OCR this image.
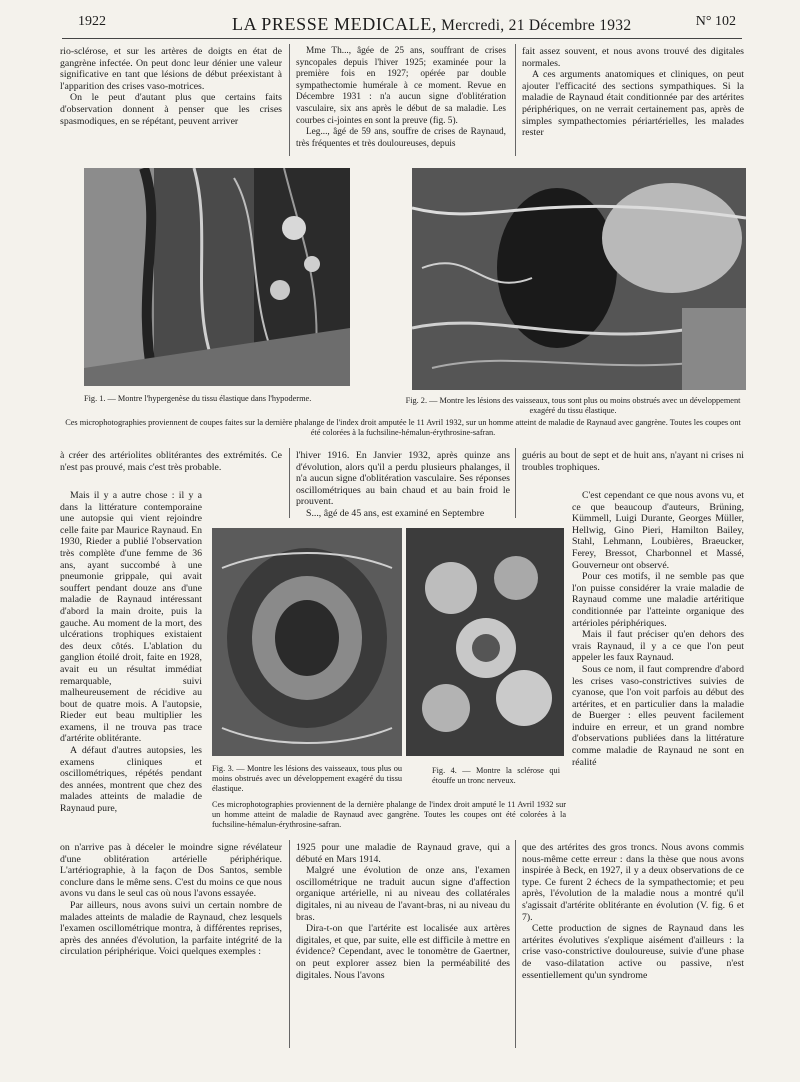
1922	LA PRESSE MEDICALE, Mercredi, 21 Décembre 1932	N° 102

rio-sclérose, et sur les artères de doigts en état de gangrène infectée. On peut donc leur dénier une valeur significative en tant que lésions de début préexistant à l'apparition des crises vaso-motrices.

On le peut d'autant plus que certains faits d'observation donnent à penser que les crises spasmodiques, en se répétant, peuvent arriver

Mme Th..., âgée de 25 ans, souffrant de crises syncopales depuis l'hiver 1925; examinée pour la première fois en 1927; opérée par double sympathectomie humérale à ce moment. Revue en Décembre 1931 : n'a aucun signe d'oblitération vasculaire, six ans après le début de sa maladie. Les courbes ci-jointes en sont la preuve (fig. 5).

Leg..., âgé de 59 ans, souffre de crises de Raynaud, très fréquentes et très douloureuses, depuis

fait assez souvent, et nous avons trouvé des digitales normales.

A ces arguments anatomiques et cliniques, on peut ajouter l'efficacité des sections sympathiques. Si la maladie de Raynaud était conditionnée par des artérites périphériques, on ne verrait certainement pas, après de simples sympathectomies périartérielles, les malades rester

Fig. 1. — Montre l'hypergenèse du tissu élastique dans l'hypoderme.	Fig. 2. — Montre les lésions des vaisseaux, tous sont plus ou moins obstrués avec un développement exagéré du tissu élastique.
Ces microphotographies proviennent de coupes faites sur la dernière phalange de l'index droit amputée le 11 Avril 1932, sur un homme atteint de maladie de Raynaud avec gangrène. Toutes les coupes ont été colorées à la fuchsiline-hémalun-érythrosine-safran.

à créer des artériolites oblitérantes des extrémités. Ce n'est pas prouvé, mais c'est très probable.

l'hiver 1916. En Janvier 1932, après quinze ans d'évolution, alors qu'il a perdu plusieurs phalanges, il n'a aucun signe d'oblitération vasculaire. Ses réponses oscillométriques au bain chaud et au bain froid le prouvent.

S..., âgé de 45 ans, est examiné en Septembre

guéris au bout de sept et de huit ans, n'ayant ni crises ni troubles trophiques.

Mais il y a autre chose : il y a dans la littérature contemporaine une autopsie qui vient rejoindre celle faite par Maurice Raynaud. En 1930, Rieder a publié l'observation très complète d'une femme de 36 ans, ayant succombé à une pneumonie grippale, qui avait souffert pendant douze ans d'une maladie de Raynaud intéressant d'abord la main droite, puis la gauche. Au moment de la mort, des ulcérations trophiques existaient des deux côtés. L'ablation du ganglion étoilé droit, faite en 1928, avait eu un résultat immédiat remarquable, suivi malheureusement de récidive au bout de quatre mois. A l'autopsie, Rieder eut beau multiplier les examens, il ne trouva pas trace d'artérite oblitérante.

A défaut d'autres autopsies, les examens cliniques et oscillométriques, répétés pendant des années, montrent que chez des malades atteints de maladie de Raynaud pure,

Fig. 3. — Montre les lésions des vaisseaux, tous plus ou moins obstrués avec un développement exagéré du tissu élastique.
Fig. 4. — Montre la sclérose qui étouffe un tronc nerveux.
Ces microphotographies proviennent de la dernière phalange de l'index droit amputé le 11 Avril 1932 sur un homme atteint de maladie de Raynaud avec gangrène. Toutes les coupes ont été colorées à la fuchsiline-hémalun-érythrosine-safran.

C'est cependant ce que nous avons vu, et ce que beaucoup d'auteurs, Brüning, Kümmell, Luigi Durante, Georges Müller, Hellwig, Gino Pieri, Hamilton Bailey, Stahl, Lehmann, Loubières, Braeucker, Ferey, Bressot, Charbonnel et Massé, Gouverneur ont observé.

Pour ces motifs, il ne semble pas que l'on puisse considérer la vraie maladie de Raynaud comme une maladie artéritique conditionnée par l'atteinte organique des artérioles périphériques.

Mais il faut préciser qu'en dehors des vrais Raynaud, il y a ce que l'on peut appeler les faux Raynaud.

Sous ce nom, il faut comprendre d'abord les crises vaso-constrictives suivies de cyanose, que l'on voit parfois au début des artérites, et en particulier dans la maladie de Buerger : elles peuvent facilement induire en erreur, et un grand nombre d'observations publiées dans la littérature comme maladie de Raynaud ne sont en réalité

on n'arrive pas à déceler le moindre signe révélateur d'une oblitération artérielle périphérique. L'artériographie, à la façon de Dos Santos, semble conclure dans le même sens. C'est du moins ce que nous avons vu dans le seul cas où nous l'avons essayée.

Par ailleurs, nous avons suivi un certain nombre de malades atteints de maladie de Raynaud, chez lesquels l'examen oscillométrique montra, à différentes reprises, après des années d'évolution, la parfaite intégrité de la circulation périphérique. Voici quelques exemples :

1925 pour une maladie de Raynaud grave, qui a débuté en Mars 1914.

Malgré une évolution de onze ans, l'examen oscillométrique ne traduit aucun signe d'affection organique artérielle, ni au niveau des collatérales digitales, ni au niveau de l'avant-bras, ni au niveau du bras.

Dira-t-on que l'artérite est localisée aux artères digitales, et que, par suite, elle est difficile à mettre en évidence? Cependant, avec le tonomètre de Gaertner, on peut explorer assez bien la perméabilité des digitales. Nous l'avons

que des artérites des gros troncs. Nous avons commis nous-même cette erreur : dans la thèse que nous avons inspirée à Beck, en 1927, il y a deux observations de ce type. Ce furent 2 échecs de la sympathectomie; et peu après, l'évolution de la maladie nous a montré qu'il s'agissait d'artérite oblitérante en évolution (V. fig. 6 et 7).

Cette production de signes de Raynaud dans les artérites évolutives s'explique aisément d'ailleurs : la crise vaso-constrictive douloureuse, suivie d'une phase de vaso-dilatation active ou passive, n'est essentiellement qu'un syndrome
